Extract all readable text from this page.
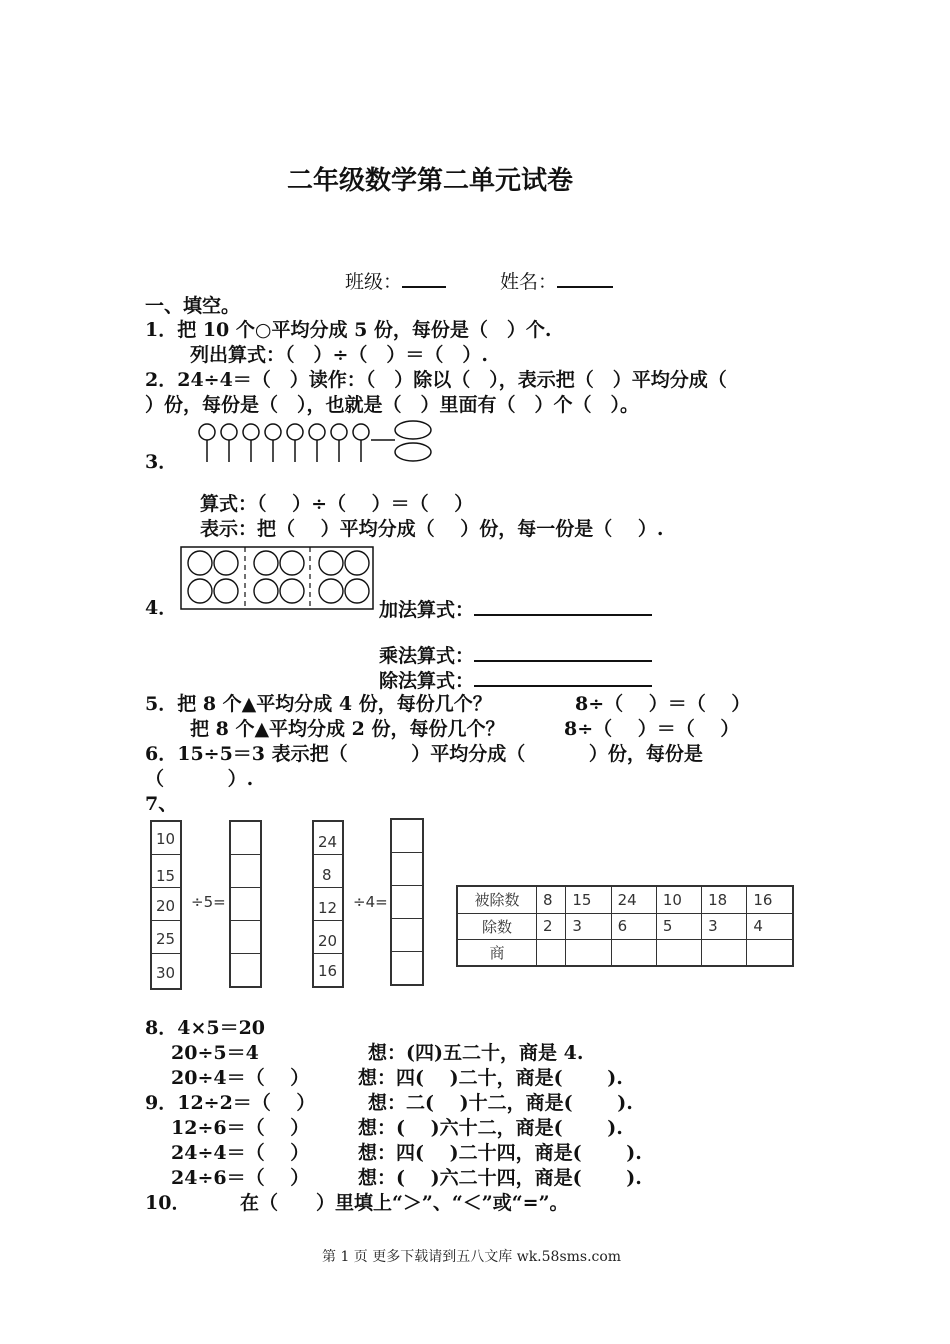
二年级数学第二单元试卷
班级：	姓名：
一、填空。
1．把 10 个○平均分成 5 份，每份是（　）个.
列出算式：（　）÷（　）＝（　）.
2．24÷4＝（　）读作：（　）除以（　），表示把（　）平均分成（
）份，每份是（　），也就是（　）里面有（　）个（　）。
3．
算式：（　 ）÷（　 ）＝（　 ）
表示：把（　 ）平均分成（　 ）份，每一份是（　 ）.
4．	加法算式：
乘法算式：
除法算式：
5．把 8 个▲平均分成 4 份，每份几个？	8÷（　 ）＝（　 ）
把 8 个▲平均分成 2 份，每份几个？	8÷（　 ）＝（　 ）
6．15÷5＝3 表示把（　　　 ）平均分成（　　　 ）份，每份是
（　　　 ）.
7、
10
15
20
25
30
÷5=
24
8
12
20
16
÷4=	被除数	8	15	24	10	18	16
除数	2	3	6	5	3	4
商						
8．4×5＝20
20÷5＝4	想：(四)五二十，商是 4.
20÷4＝（　 ）	想：四(　 )二十，商是(　　 ).
9．12÷2＝（　 ）	想：二(　 )十二，商是(　　 ).
12÷6＝（　 ）	想：(　 )六十二，商是(　　 ).
24÷4＝（　 ）	想：四(　 )二十四，商是(　　 ).
24÷6＝（　 ）	想：(　 )六二十四，商是(　　 ).
10．	在（　　）里填上“＞”、“＜”或“=”。
第 1 页 更多下载请到五八文库 wk.58sms.com
